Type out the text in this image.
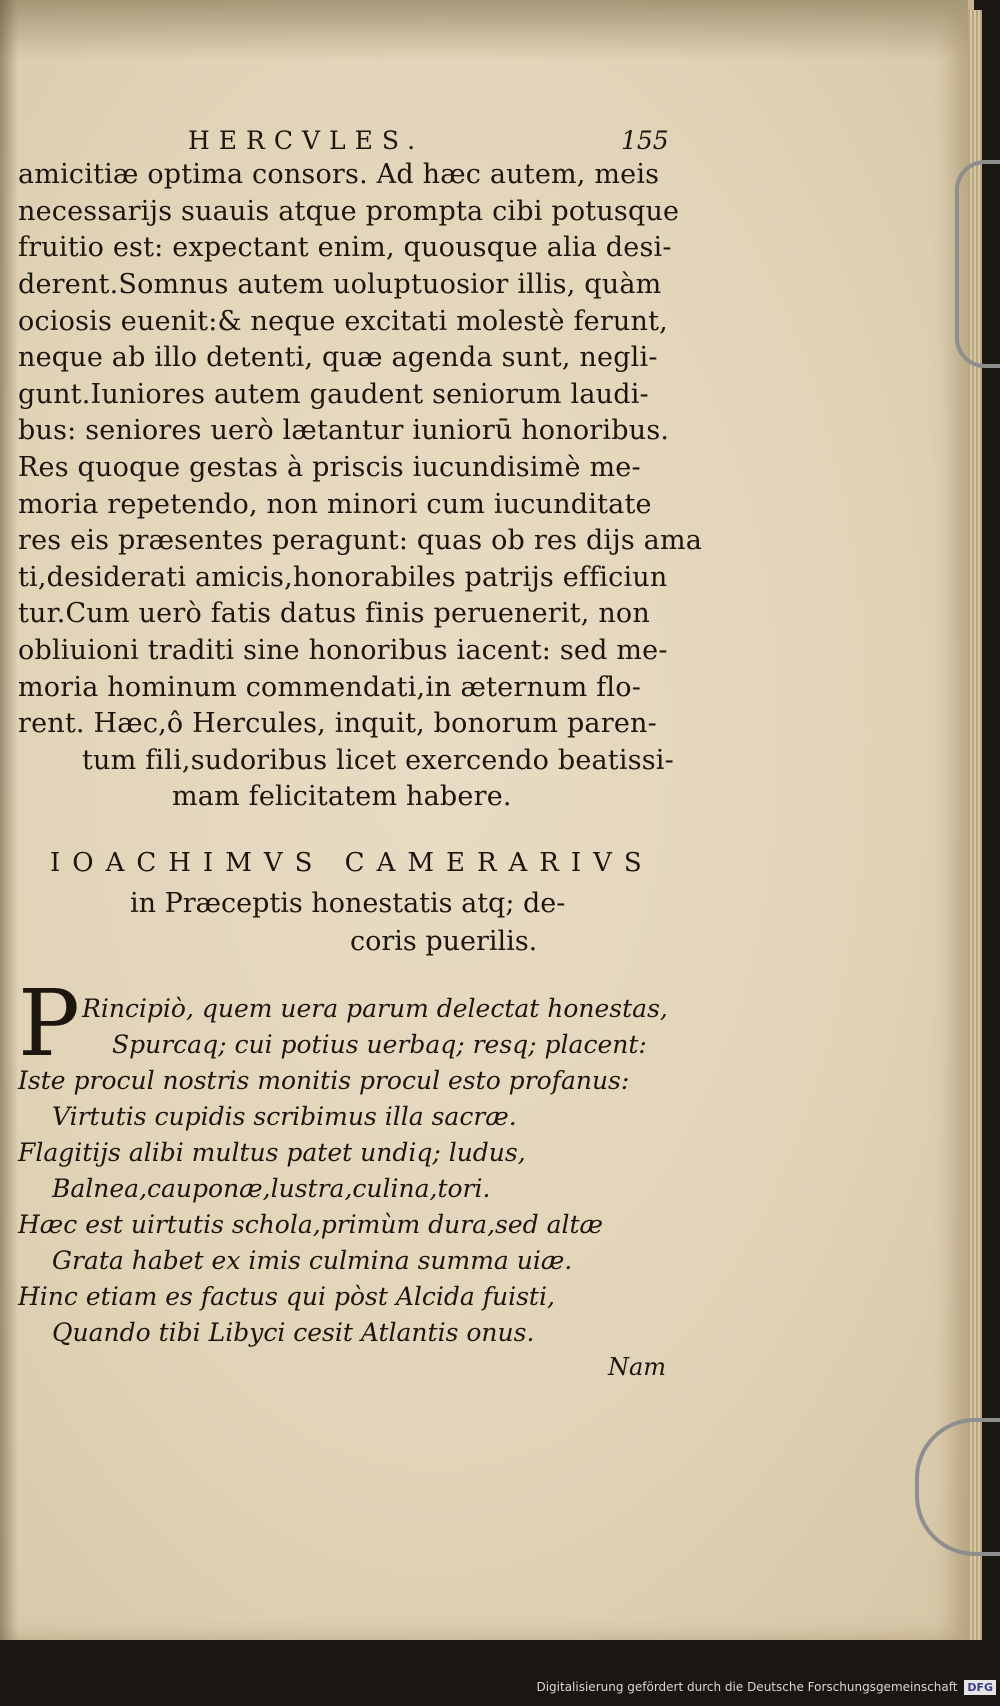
HERCVLES.	155
amicitiæ optima consors. Ad hæc autem, meis
necessarijs suauis atque prompta cibi potusque
fruitio est: expectant enim, quousque alia desi-
derent.Somnus autem uoluptuosior illis, quàm
ociosis euenit:& neque excitati molestè ferunt,
neque ab illo detenti, quæ agenda sunt, negli-
gunt.Iuniores autem gaudent seniorum laudi-
bus: seniores uerò lætantur iuniorū honoribus.
Res quoque gestas à priscis iucundisimè me-
moria repetendo, non minori cum iucunditate
res eis præsentes peragunt: quas ob res dijs ama
ti,desiderati amicis,honorabiles patrijs efficiun
tur.Cum uerò fatis datus finis peruenerit, non
obliuioni traditi sine honoribus iacent: sed me-
moria hominum commendati,in æternum flo-
rent. Hæc,ô Hercules, inquit, bonorum paren-
tum fili,sudoribus licet exercendo beatissi-
mam felicitatem habere.
IOACHIMVS CAMERARIVS
in Præceptis honestatis atq; de-
coris puerilis.
P Rincipiò, quem uera parum delectat honestas,
Spurcaq; cui potius uerbaq; resq; placent:
Iste procul nostris monitis procul esto profanus:
Virtutis cupidis scribimus illa sacræ.
Flagitijs alibi multus patet undiq; ludus,
Balnea,cauponæ,lustra,culina,tori.
Hæc est uirtutis schola,primùm dura,sed altæ
Grata habet ex imis culmina summa uiæ.
Hinc etiam es factus qui pòst Alcida fuisti,
Quando tibi Libyci cesit Atlantis onus.
Nam
Digitalisierung gefördert durch die Deutsche Forschungsgemeinschaft DFG
